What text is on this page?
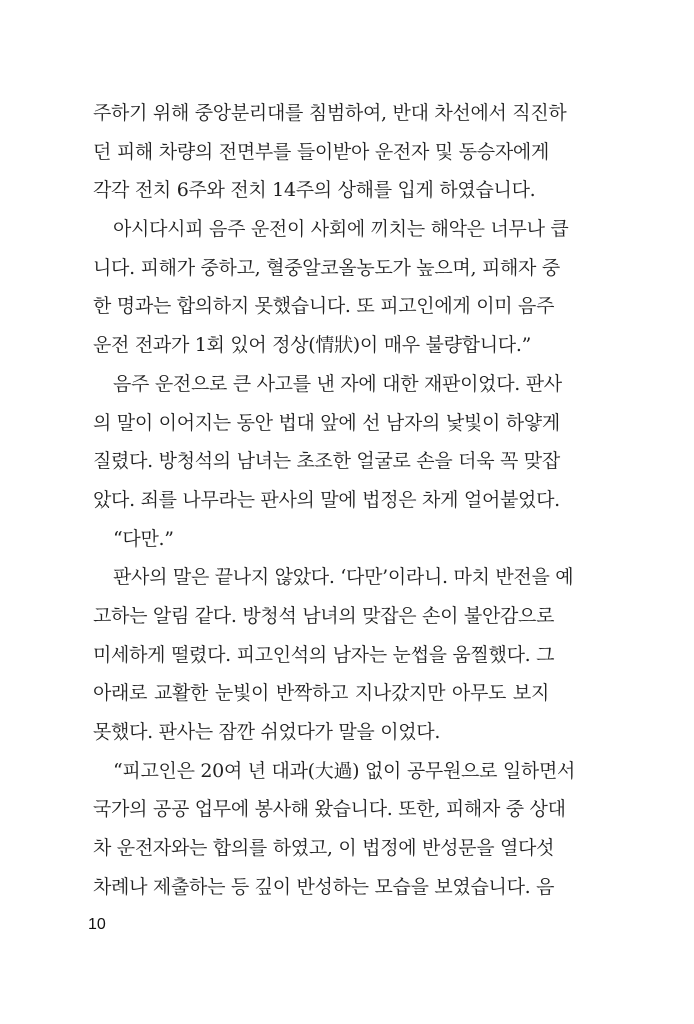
주하기 위해 중앙분리대를 침범하여, 반대 차선에서 직진하
던 피해 차량의 전면부를 들이받아 운전자 및 동승자에게
각각 전치 6주와 전치 14주의 상해를 입게 하였습니다.
아시다시피 음주 운전이 사회에 끼치는 해악은 너무나 큽
니다. 피해가 중하고, 혈중알코올농도가 높으며, 피해자 중
한 명과는 합의하지 못했습니다. 또 피고인에게 이미 음주
운전 전과가 1회 있어 정상(情狀)이 매우 불량합니다.”
음주 운전으로 큰 사고를 낸 자에 대한 재판이었다. 판사
의 말이 이어지는 동안 법대 앞에 선 남자의 낯빛이 하얗게
질렸다. 방청석의 남녀는 초조한 얼굴로 손을 더욱 꼭 맞잡
았다. 죄를 나무라는 판사의 말에 법정은 차게 얼어붙었다.
“다만.”
판사의 말은 끝나지 않았다. ‘다만’이라니. 마치 반전을 예
고하는 알림 같다. 방청석 남녀의 맞잡은 손이 불안감으로
미세하게 떨렸다. 피고인석의 남자는 눈썹을 움찔했다. 그
아래로 교활한 눈빛이 반짝하고 지나갔지만 아무도 보지
못했다. 판사는 잠깐 쉬었다가 말을 이었다.
“피고인은 20여 년 대과(大過) 없이 공무원으로 일하면서
국가의 공공 업무에 봉사해 왔습니다. 또한, 피해자 중 상대
차 운전자와는 합의를 하였고, 이 법정에 반성문을 열다섯
차례나 제출하는 등 깊이 반성하는 모습을 보였습니다. 음
10
